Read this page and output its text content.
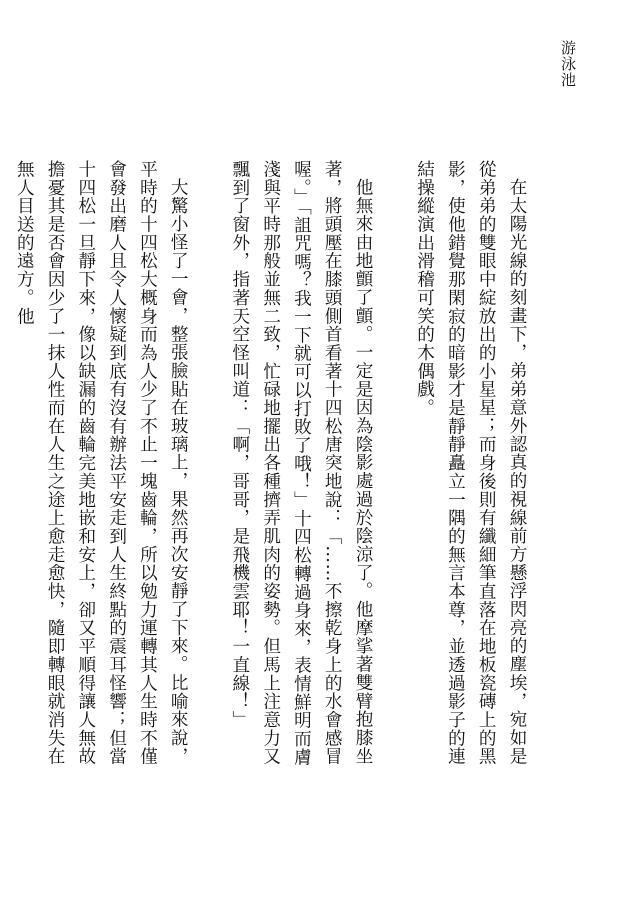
游泳池

在太陽光線的刻畫下，弟弟意外認真的視線前方懸浮閃亮的塵埃，宛如是從弟弟的雙眼中綻放出的小星星；而身後則有纖細筆直落在地板瓷磚上的黑影，使他錯覺那閑寂的暗影才是靜靜矗立一隅的無言本尊，並透過影子的連結操縱演出滑稽可笑的木偶戲。

他無來由地顫了顫。一定是因為陰影處過於陰涼了。他摩挲著雙臂抱膝坐著，將頭壓在膝頭側首看著十四松唐突地說：「……不擦乾身上的水會感冒喔。」「詛咒嗎？我一下就可以打敗了哦！」十四松轉過身來，表情鮮明而膚淺與平時那般並無二致，忙碌地擺出各種擠弄肌肉的姿勢。但馬上注意力又飄到了窗外，指著天空怪叫道：「啊，哥哥，是飛機雲耶！一直線！」

大驚小怪了一會，整張臉貼在玻璃上，果然再次安靜了下來。比喻來說，平時的十四松大概身而為人少了不止一塊齒輪，所以勉力運轉其人生時不僅會發出磨人且令人懷疑到底有沒有辦法平安走到人生終點的震耳怪響；但當十四松一旦靜下來，像以缺漏的齒輪完美地嵌和安上，卻又平順得讓人無故擔憂其是否會因少了一抹人性而在人生之途上愈走愈快，隨即轉眼就消失在無人目送的遠方。他
